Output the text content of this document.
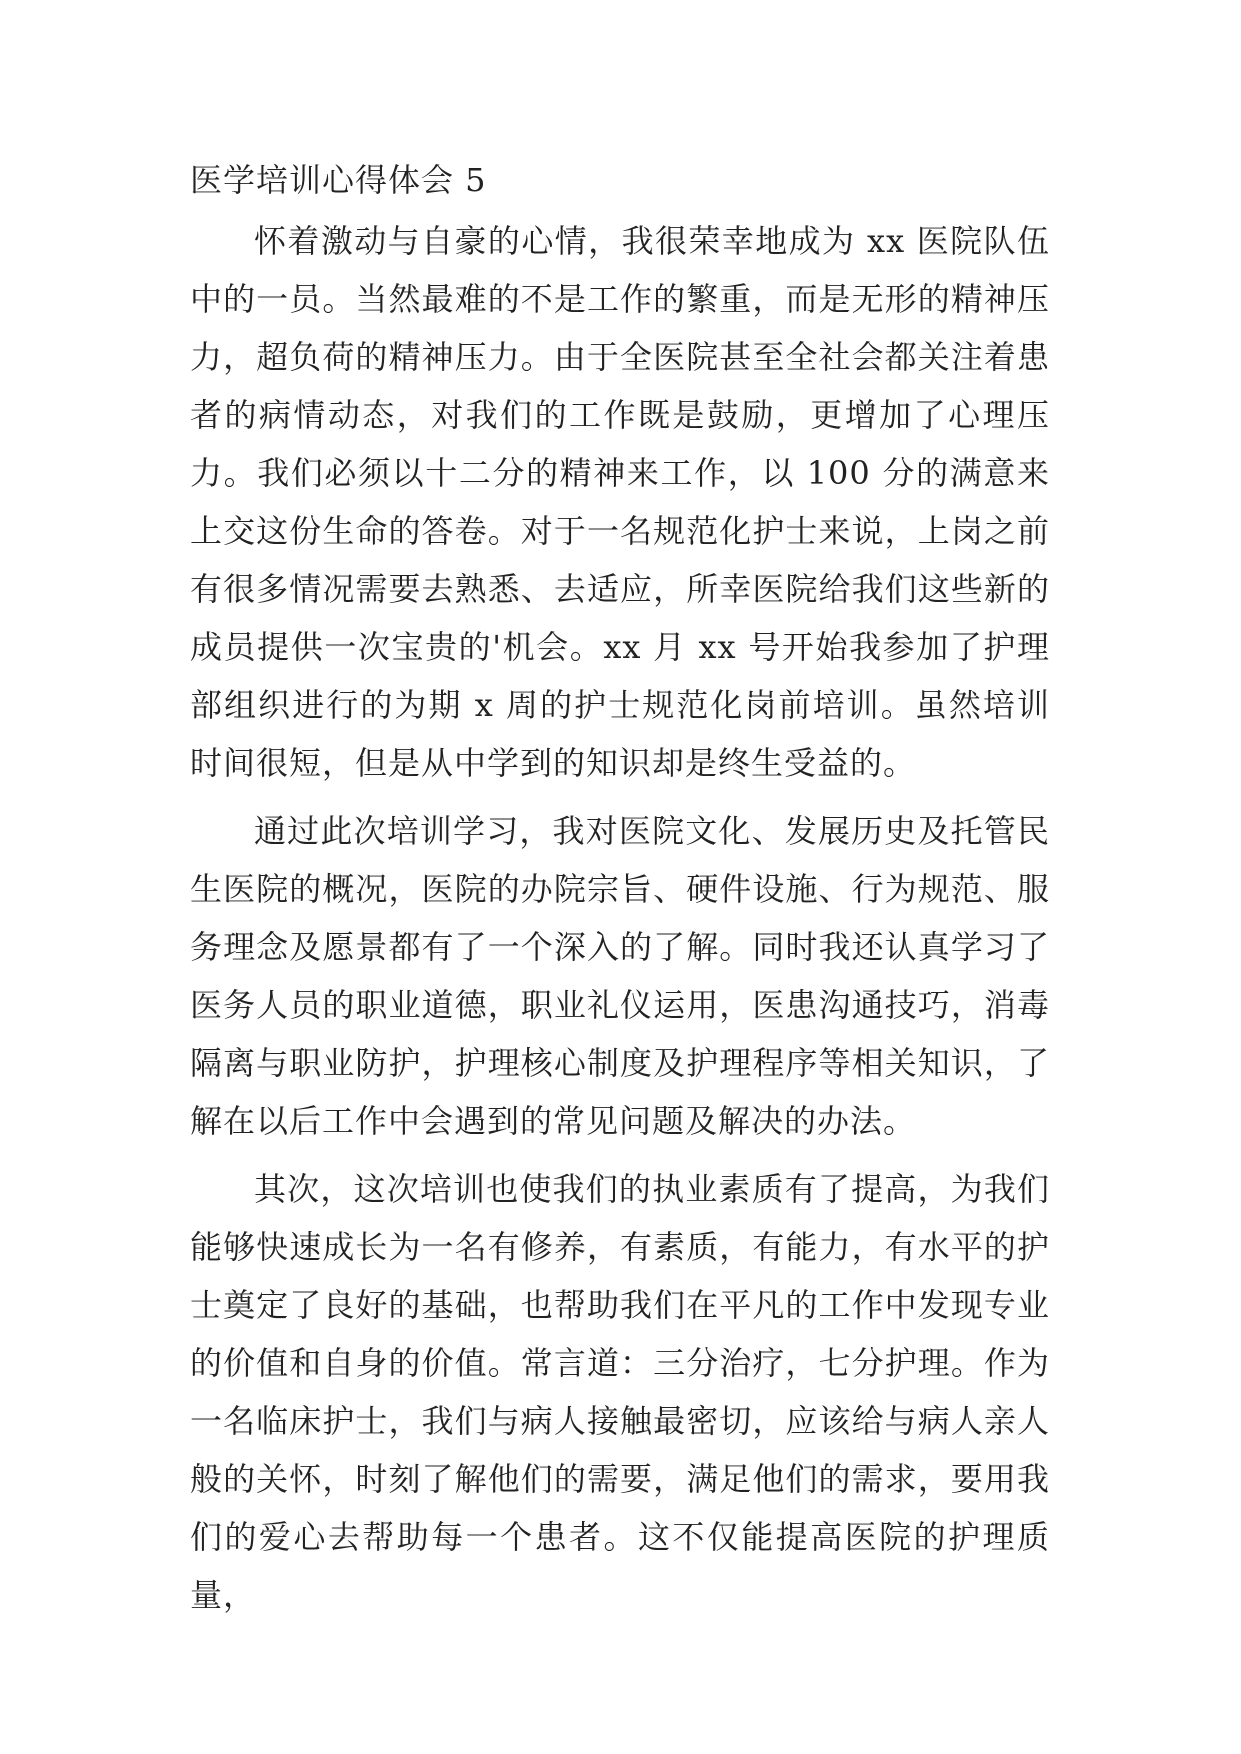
医学培训心得体会 5

怀着激动与自豪的心情，我很荣幸地成为 xx 医院队伍中的一员。当然最难的不是工作的繁重，而是无形的精神压力，超负荷的精神压力。由于全医院甚至全社会都关注着患者的病情动态，对我们的工作既是鼓励，更增加了心理压力。我们必须以十二分的精神来工作，以 100 分的满意来上交这份生命的答卷。对于一名规范化护士来说，上岗之前有很多情况需要去熟悉、去适应，所幸医院给我们这些新的成员提供一次宝贵的'机会。xx 月 xx 号开始我参加了护理部组织进行的为期 x 周的护士规范化岗前培训。虽然培训时间很短，但是从中学到的知识却是终生受益的。

通过此次培训学习，我对医院文化、发展历史及托管民生医院的概况，医院的办院宗旨、硬件设施、行为规范、服务理念及愿景都有了一个深入的了解。同时我还认真学习了医务人员的职业道德，职业礼仪运用，医患沟通技巧，消毒隔离与职业防护，护理核心制度及护理程序等相关知识，了解在以后工作中会遇到的常见问题及解决的办法。

其次，这次培训也使我们的执业素质有了提高，为我们能够快速成长为一名有修养，有素质，有能力，有水平的护士奠定了良好的基础，也帮助我们在平凡的工作中发现专业的价值和自身的价值。常言道：三分治疗，七分护理。作为一名临床护士，我们与病人接触最密切，应该给与病人亲人般的关怀，时刻了解他们的需要，满足他们的需求，要用我们的爱心去帮助每一个患者。这不仅能提高医院的护理质量，
